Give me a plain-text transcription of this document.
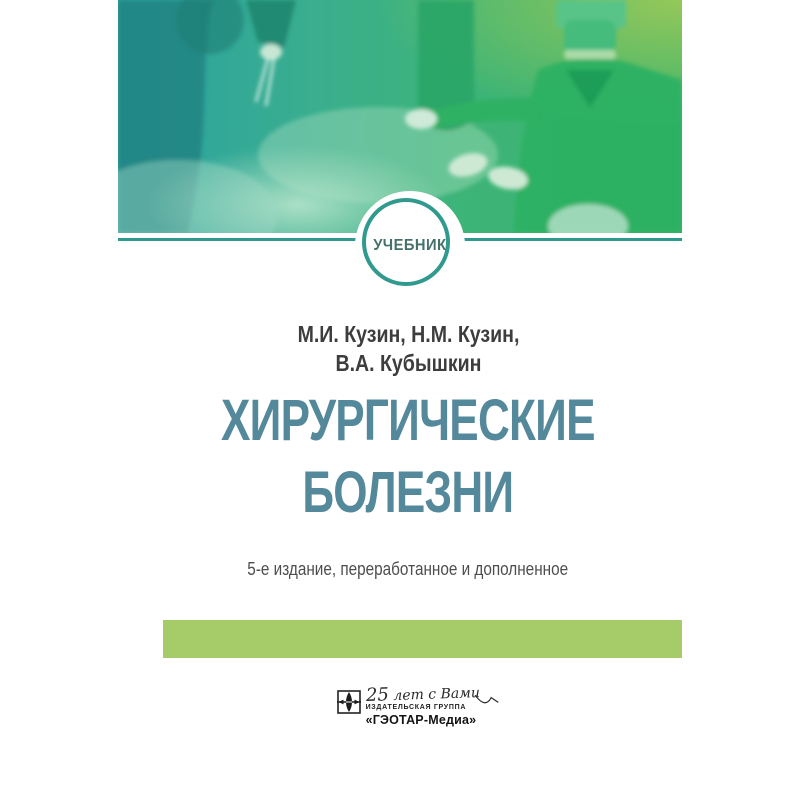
УЧЕБНИК
М.И. Кузин, Н.М. Кузин,
В.А. Кубышкин
ХИРУРГИЧЕСКИЕ
БОЛЕЗНИ
5-е издание, переработанное и дополненное
25 лет с Вами
ИЗДАТЕЛЬСКАЯ ГРУППА
«ГЭОТАР-Медиа»
